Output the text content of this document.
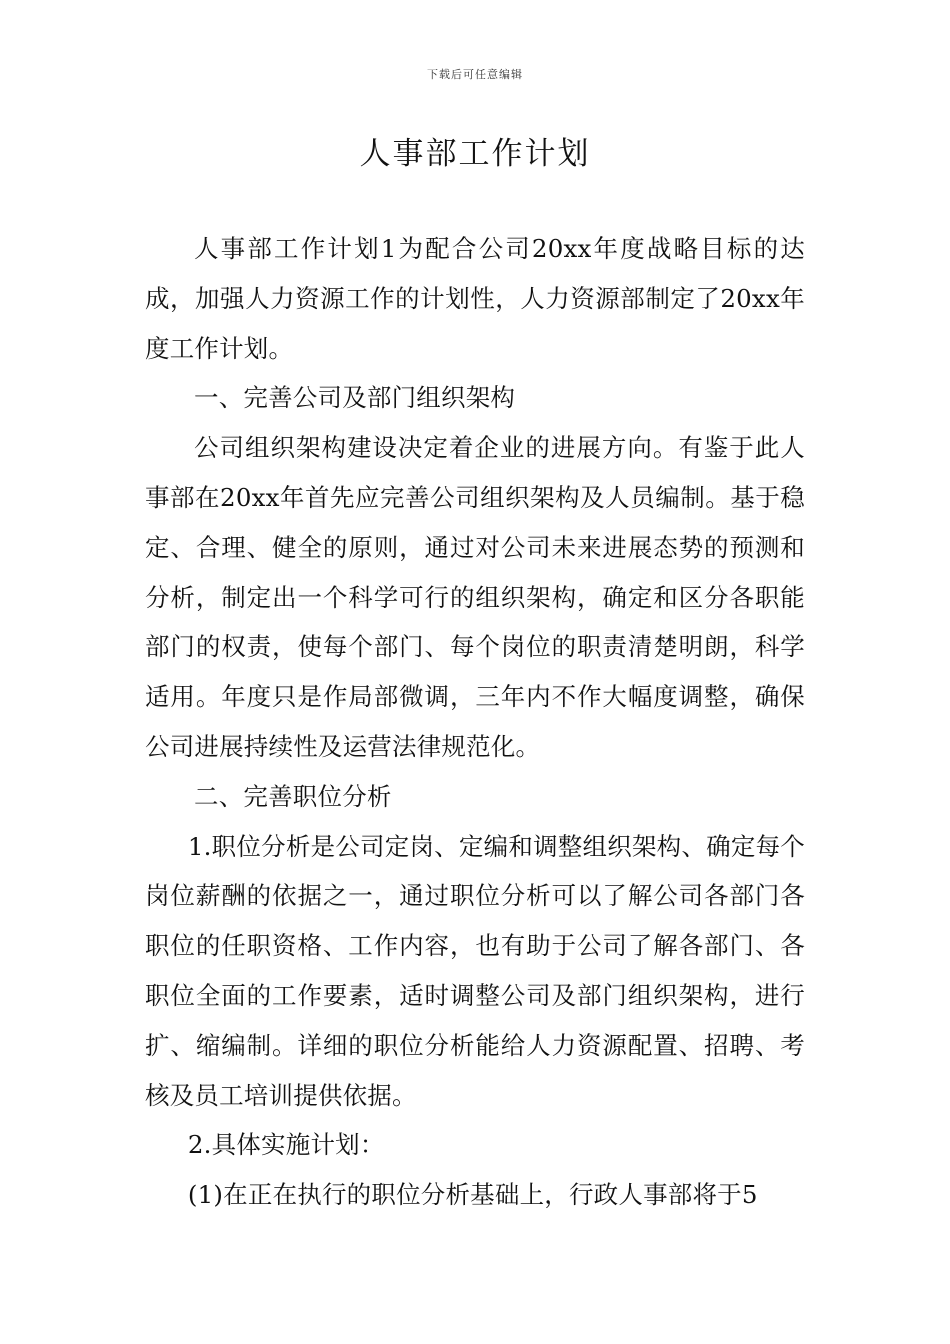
下载后可任意编辑
人事部工作计划

人事部工作计划1为配合公司20xx年度战略目标的达成，加强人力资源工作的计划性，人力资源部制定了20xx年度工作计划。

一、完善公司及部门组织架构

公司组织架构建设决定着企业的进展方向。有鉴于此人事部在20xx年首先应完善公司组织架构及人员编制。基于稳定、合理、健全的原则，通过对公司未来进展态势的预测和分析，制定出一个科学可行的组织架构，确定和区分各职能部门的权责，使每个部门、每个岗位的职责清楚明朗，科学适用。年度只是作局部微调，三年内不作大幅度调整，确保公司进展持续性及运营法律规范化。

二、完善职位分析

1.职位分析是公司定岗、定编和调整组织架构、确定每个岗位薪酬的依据之一，通过职位分析可以了解公司各部门各职位的任职资格、工作内容，也有助于公司了解各部门、各职位全面的工作要素，适时调整公司及部门组织架构，进行扩、缩编制。详细的职位分析能给人力资源配置、招聘、考核及员工培训提供依据。

2.具体实施计划：

(1)在正在执行的职位分析基础上，行政人事部将于5
